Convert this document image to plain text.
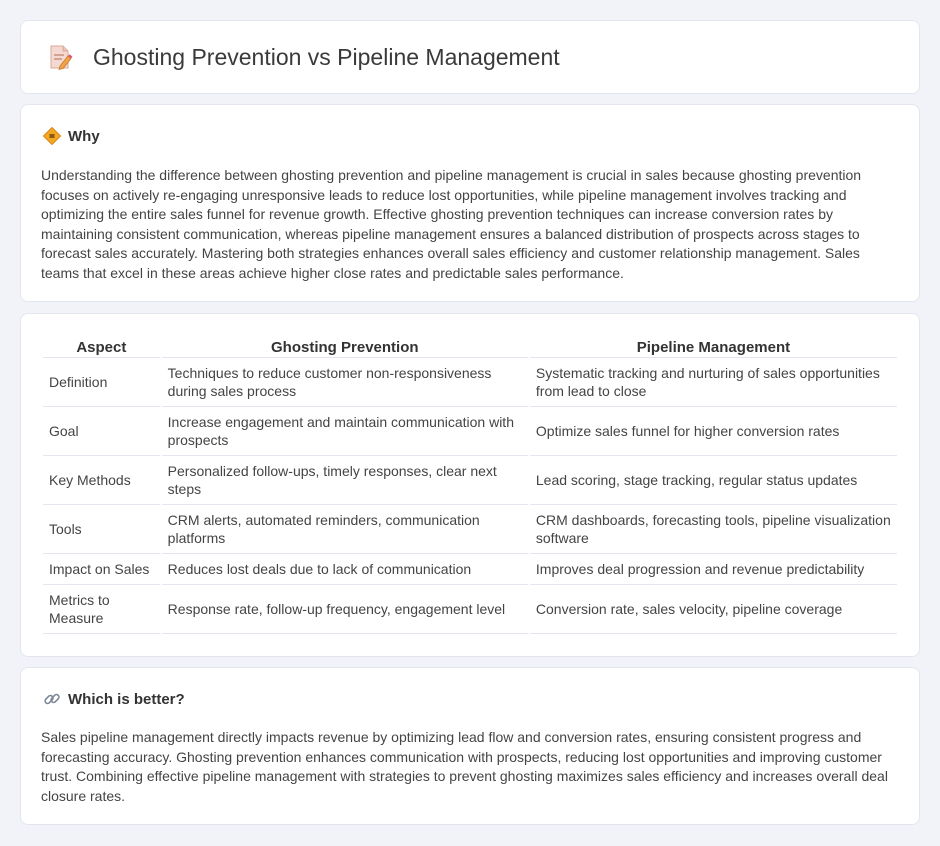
Ghosting Prevention vs Pipeline Management
Why

Understanding the difference between ghosting prevention and pipeline management is crucial in sales because ghosting prevention focuses on actively re-engaging unresponsive leads to reduce lost opportunities, while pipeline management involves tracking and optimizing the entire sales funnel for revenue growth. Effective ghosting prevention techniques can increase conversion rates by maintaining consistent communication, whereas pipeline management ensures a balanced distribution of prospects across stages to forecast sales accurately. Mastering both strategies enhances overall sales efficiency and customer relationship management. Sales teams that excel in these areas achieve higher close rates and predictable sales performance.

Aspect	Ghosting Prevention	Pipeline Management
Definition	Techniques to reduce customer non-responsiveness during sales process	Systematic tracking and nurturing of sales opportunities from lead to close
Goal	Increase engagement and maintain communication with prospects	Optimize sales funnel for higher conversion rates
Key Methods	Personalized follow-ups, timely responses, clear next steps	Lead scoring, stage tracking, regular status updates
Tools	CRM alerts, automated reminders, communication platforms	CRM dashboards, forecasting tools, pipeline visualization software
Impact on Sales	Reduces lost deals due to lack of communication	Improves deal progression and revenue predictability
Metrics to Measure	Response rate, follow-up frequency, engagement level	Conversion rate, sales velocity, pipeline coverage
Which is better?

Sales pipeline management directly impacts revenue by optimizing lead flow and conversion rates, ensuring consistent progress and forecasting accuracy. Ghosting prevention enhances communication with prospects, reducing lost opportunities and improving customer trust. Combining effective pipeline management with strategies to prevent ghosting maximizes sales efficiency and increases overall deal closure rates.
